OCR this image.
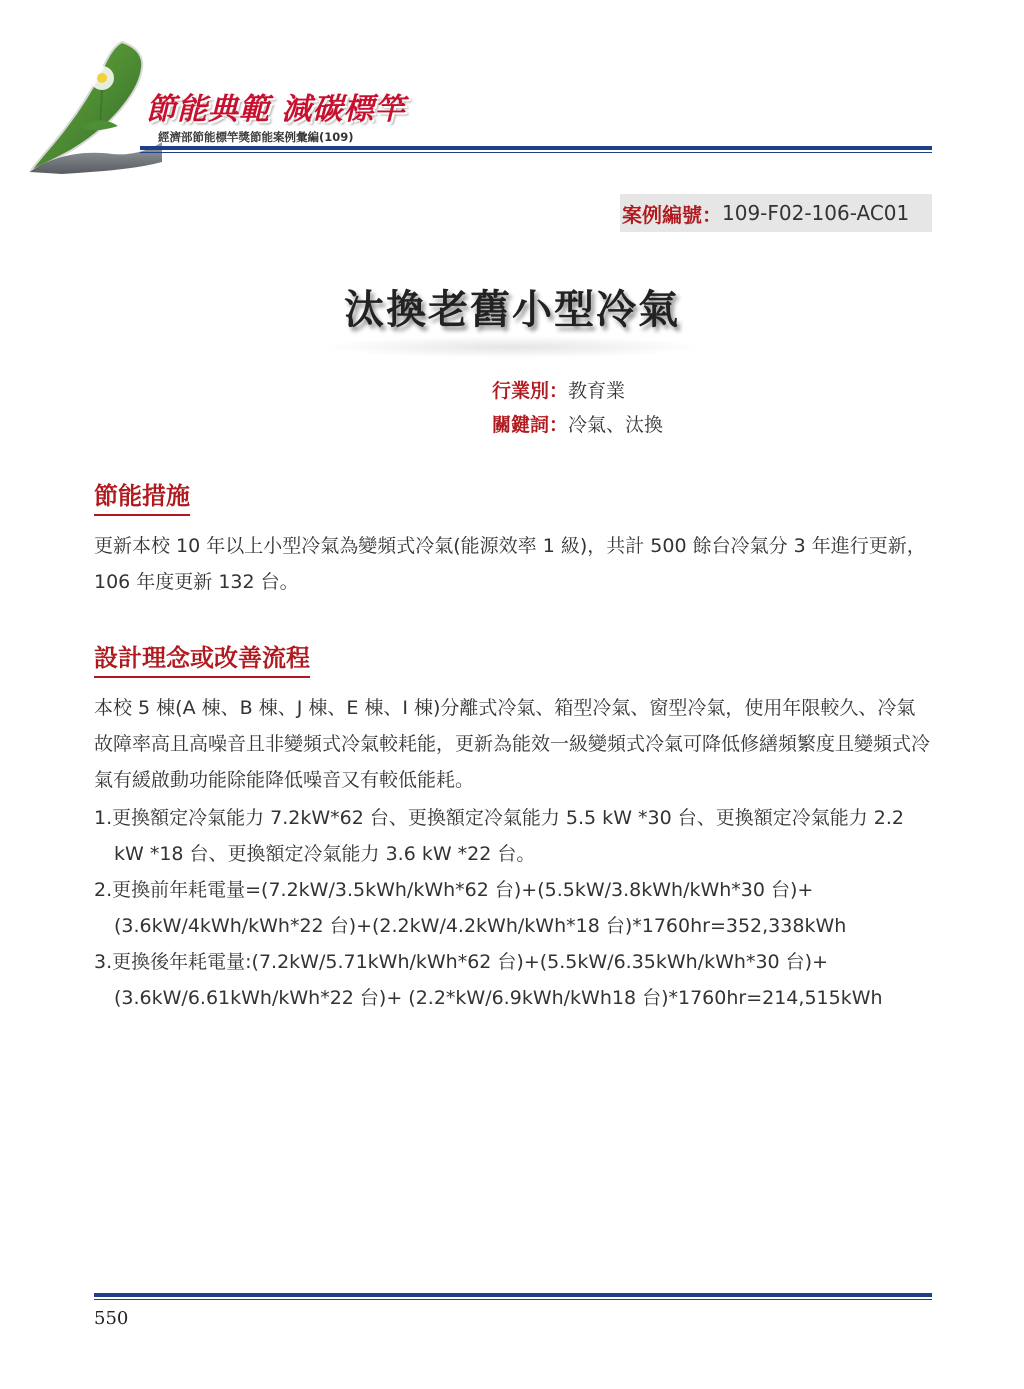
節能典範 減碳標竿
經濟部節能標竿獎節能案例彙編(109)
案例編號： 109-F02-106-AC01
汰換老舊小型冷氣
行業別：教育業
關鍵詞：冷氣、汰換
節能措施
更新本校 10 年以上小型冷氣為變頻式冷氣(能源效率 1 級)，共計 500 餘台冷氣分 3 年進行更新，106 年度更新 132 台。
設計理念或改善流程
本校 5 棟(A 棟、B 棟、J 棟、E 棟、I 棟)分離式冷氣、箱型冷氣、窗型冷氣，使用年限較久、冷氣故障率高且高噪音且非變頻式冷氣較耗能，更新為能效一級變頻式冷氣可降低修繕頻繁度且變頻式冷氣有緩啟動功能除能降低噪音又有較低能耗。
1.更換額定冷氣能力 7.2kW*62 台、更換額定冷氣能力 5.5 kW *30 台、更換額定冷氣能力 2.2 kW *18 台、更換額定冷氣能力 3.6 kW *22 台。
2.更換前年耗電量=(7.2kW/3.5kWh/kWh*62 台)+(5.5kW/3.8kWh/kWh*30 台)+(3.6kW/4kWh/kWh*22 台)+(2.2kW/4.2kWh/kWh*18 台)*1760hr=352,338kWh
3.更換後年耗電量:(7.2kW/5.71kWh/kWh*62 台)+(5.5kW/6.35kWh/kWh*30 台)+(3.6kW/6.61kWh/kWh*22 台)+ (2.2*kW/6.9kWh/kWh18 台)*1760hr=214,515kWh
550
